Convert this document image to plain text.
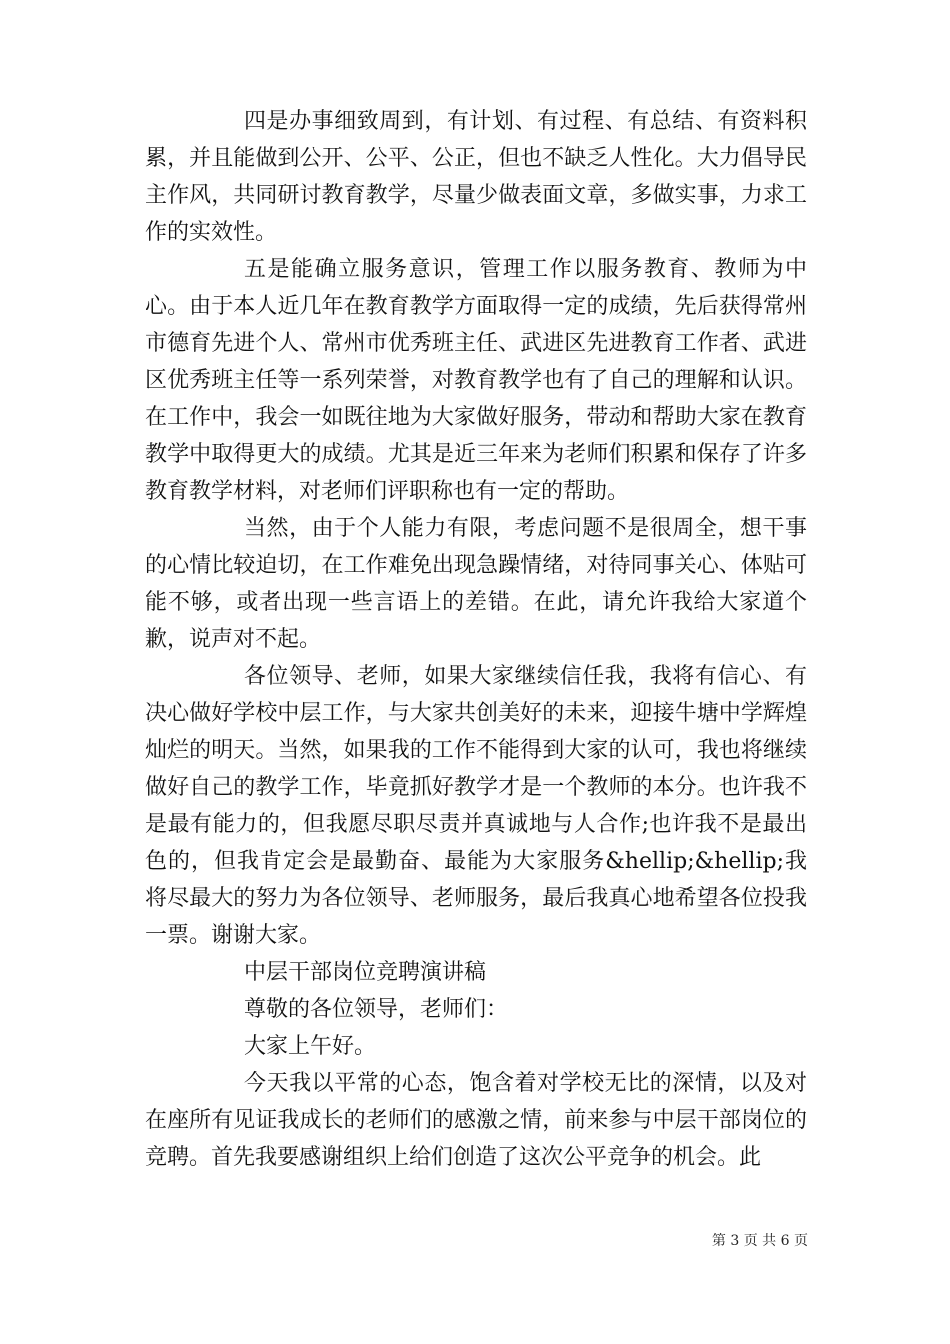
四是办事细致周到，有计划、有过程、有总结、有资料积累，并且能做到公开、公平、公正，但也不缺乏人性化。大力倡导民主作风，共同研讨教育教学，尽量少做表面文章，多做实事，力求工作的实效性。

五是能确立服务意识，管理工作以服务教育、教师为中心。由于本人近几年在教育教学方面取得一定的成绩，先后获得常州市德育先进个人、常州市优秀班主任、武进区先进教育工作者、武进区优秀班主任等一系列荣誉，对教育教学也有了自己的理解和认识。在工作中，我会一如既往地为大家做好服务，带动和帮助大家在教育教学中取得更大的成绩。尤其是近三年来为老师们积累和保存了许多教育教学材料，对老师们评职称也有一定的帮助。

当然，由于个人能力有限，考虑问题不是很周全，想干事的心情比较迫切，在工作难免出现急躁情绪，对待同事关心、体贴可能不够，或者出现一些言语上的差错。在此，请允许我给大家道个歉，说声对不起。

各位领导、老师，如果大家继续信任我，我将有信心、有决心做好学校中层工作，与大家共创美好的未来，迎接牛塘中学辉煌灿烂的明天。当然，如果我的工作不能得到大家的认可，我也将继续做好自己的教学工作，毕竟抓好教学才是一个教师的本分。也许我不是最有能力的，但我愿尽职尽责并真诚地与人合作;也许我不是最出色的，但我肯定会是最勤奋、最能为大家服务&hellip;&hellip;我将尽最大的努力为各位领导、老师服务，最后我真心地希望各位投我一票。谢谢大家。

中层干部岗位竞聘演讲稿

尊敬的各位领导，老师们：

大家上午好。

今天我以平常的心态，饱含着对学校无比的深情，以及对在座所有见证我成长的老师们的感激之情，前来参与中层干部岗位的竞聘。首先我要感谢组织上给们创造了这次公平竞争的机会。此

第 3 页 共 6 页
